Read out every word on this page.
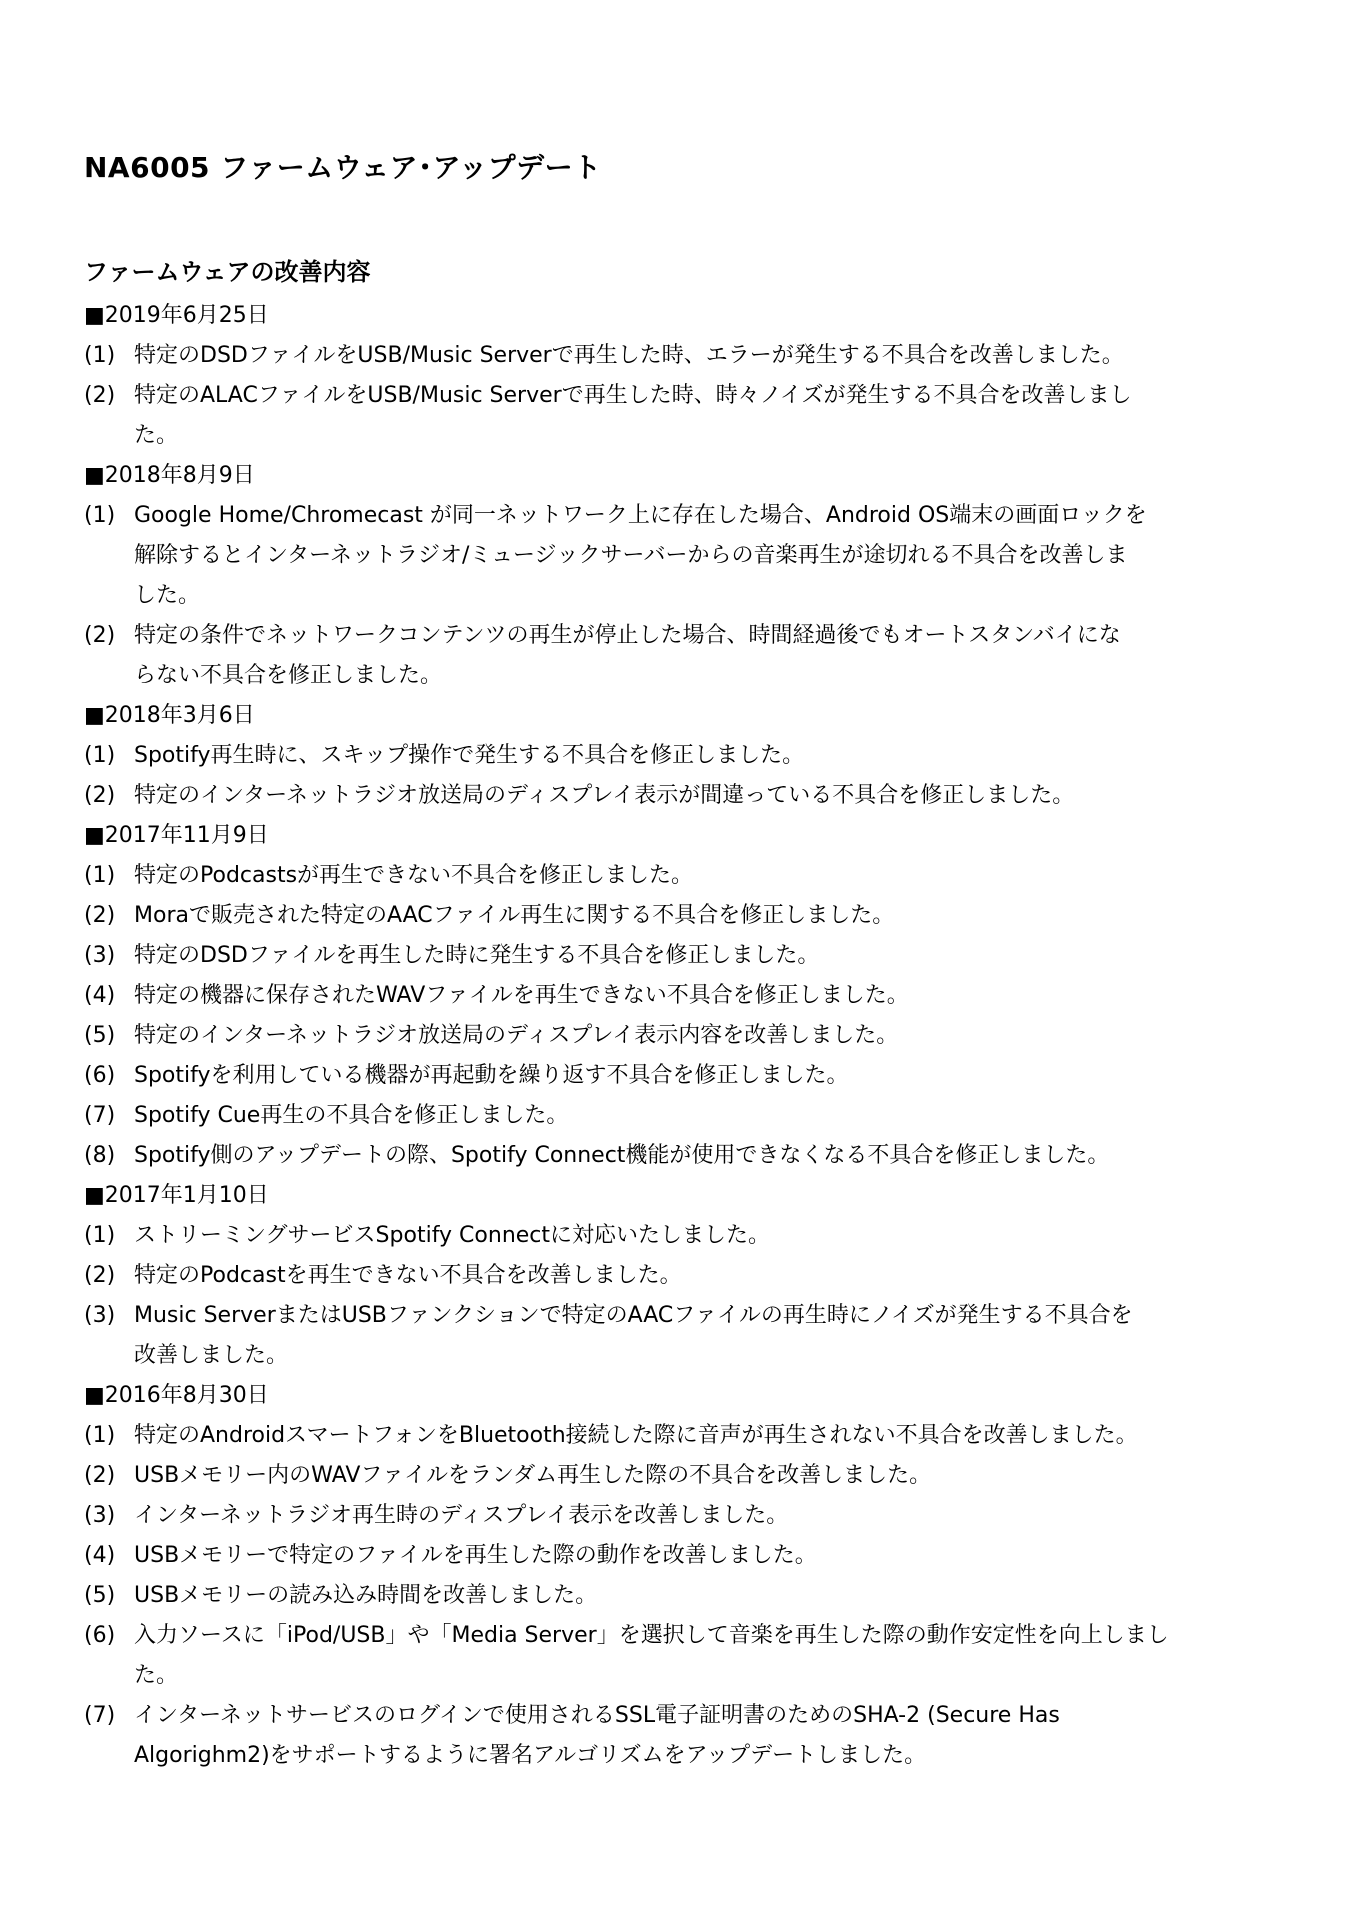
NA6005 ファームウェア･アップデート
ファームウェアの改善内容
■2019年6月25日
(1) 特定のDSDファイルをUSB/Music Serverで再生した時、エラーが発生する不具合を改善しました。
(2) 特定のALACファイルをUSB/Music Serverで再生した時、時々ノイズが発生する不具合を改善しまし
た。
■2018年8月9日
(1) Google Home/Chromecast が同一ネットワーク上に存在した場合、Android OS端末の画面ロックを
解除するとインターネットラジオ/ミュージックサーバーからの音楽再生が途切れる不具合を改善しま
した。
(2) 特定の条件でネットワークコンテンツの再生が停止した場合、時間経過後でもオートスタンバイにな
らない不具合を修正しました。
■2018年3月6日
(1) Spotify再生時に、スキップ操作で発生する不具合を修正しました。
(2) 特定のインターネットラジオ放送局のディスプレイ表示が間違っている不具合を修正しました。
■2017年11月9日
(1) 特定のPodcastsが再生できない不具合を修正しました。
(2) Moraで販売された特定のAACファイル再生に関する不具合を修正しました。
(3) 特定のDSDファイルを再生した時に発生する不具合を修正しました。
(4) 特定の機器に保存されたWAVファイルを再生できない不具合を修正しました。
(5) 特定のインターネットラジオ放送局のディスプレイ表示内容を改善しました。
(6) Spotifyを利用している機器が再起動を繰り返す不具合を修正しました。
(7) Spotify Cue再生の不具合を修正しました。
(8) Spotify側のアップデートの際、Spotify Connect機能が使用できなくなる不具合を修正しました。
■2017年1月10日
(1) ストリーミングサービスSpotify Connectに対応いたしました。
(2) 特定のPodcastを再生できない不具合を改善しました。
(3) Music ServerまたはUSBファンクションで特定のAACファイルの再生時にノイズが発生する不具合を
改善しました。
■2016年8月30日
(1) 特定のAndroidスマートフォンをBluetooth接続した際に音声が再生されない不具合を改善しました。
(2) USBメモリー内のWAVファイルをランダム再生した際の不具合を改善しました。
(3) インターネットラジオ再生時のディスプレイ表示を改善しました。
(4) USBメモリーで特定のファイルを再生した際の動作を改善しました。
(5) USBメモリーの読み込み時間を改善しました。
(6) 入力ソースに「iPod/USB」や「Media Server」を選択して音楽を再生した際の動作安定性を向上しまし
た。
(7) インターネットサービスのログインで使用されるSSL電子証明書のためのSHA-2 (Secure Has
Algorighm2)をサポートするように署名アルゴリズムをアップデートしました。
